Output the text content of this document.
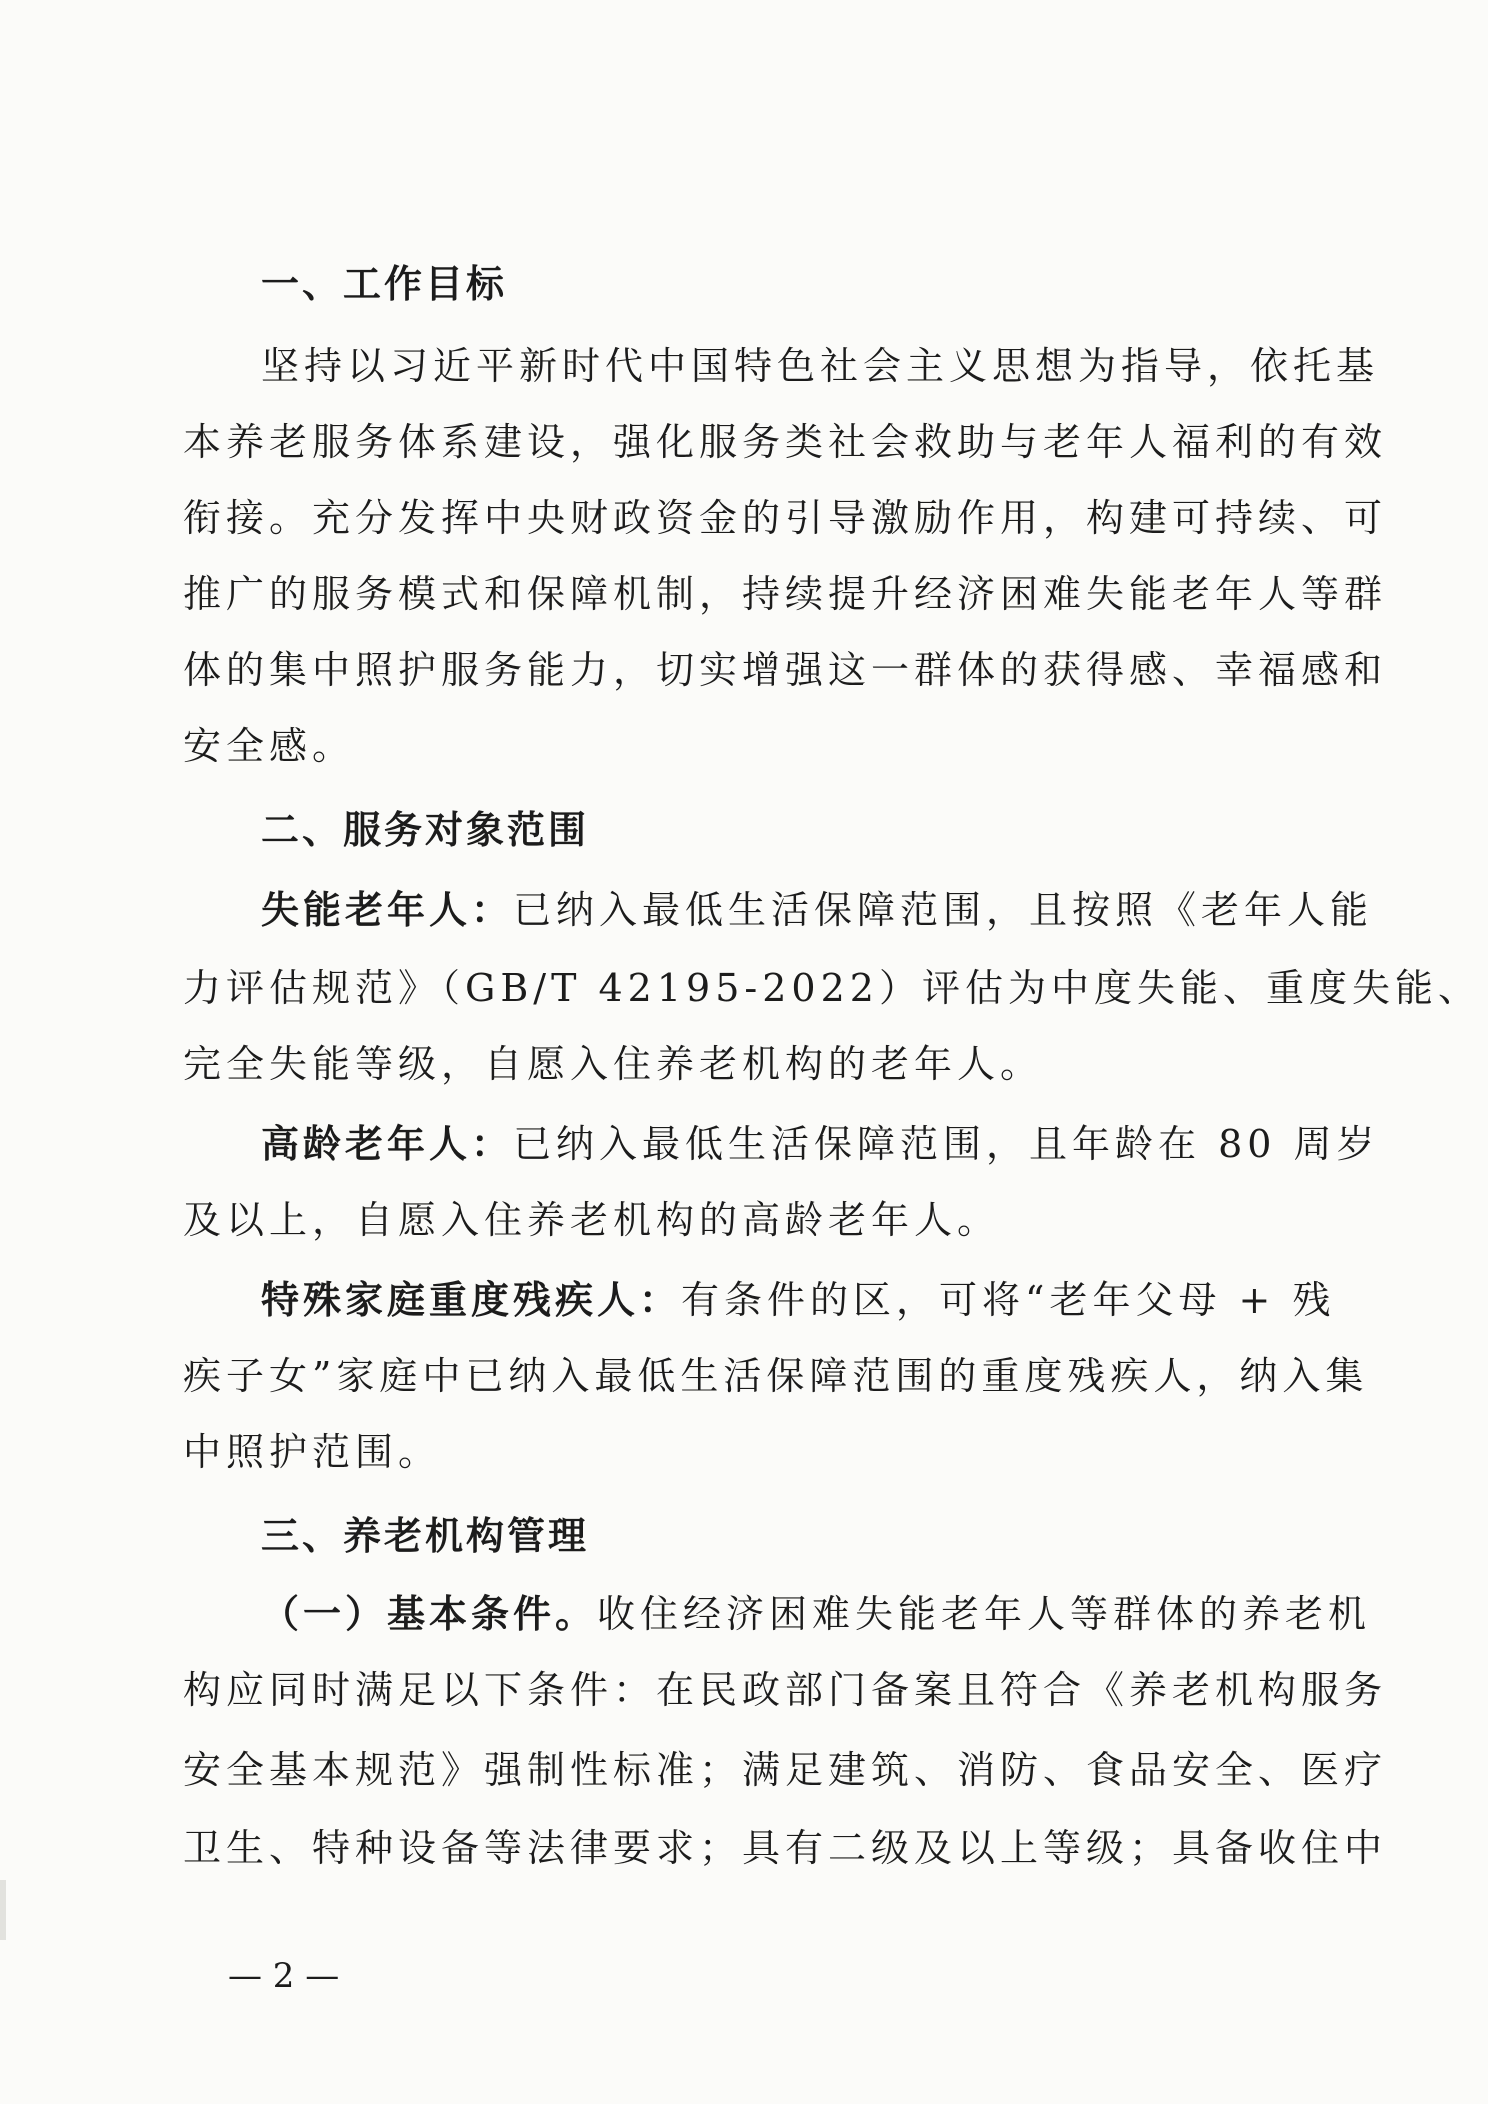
一、工作目标
坚持以习近平新时代中国特色社会主义思想为指导，依托基
本养老服务体系建设，强化服务类社会救助与老年人福利的有效
衔接。充分发挥中央财政资金的引导激励作用，构建可持续、可
推广的服务模式和保障机制，持续提升经济困难失能老年人等群
体的集中照护服务能力，切实增强这一群体的获得感、幸福感和
安全感。
二、服务对象范围
失能老年人：已纳入最低生活保障范围，且按照《老年人能
力评估规范》（GB/T 42195-2022）评估为中度失能、重度失能、
完全失能等级，自愿入住养老机构的老年人。
高龄老年人：已纳入最低生活保障范围，且年龄在 80 周岁
及以上，自愿入住养老机构的高龄老年人。
特殊家庭重度残疾人：有条件的区，可将“老年父母 + 残
疾子女”家庭中已纳入最低生活保障范围的重度残疾人，纳入集
中照护范围。
三、养老机构管理
（一）基本条件。收住经济困难失能老年人等群体的养老机
构应同时满足以下条件：在民政部门备案且符合《养老机构服务
安全基本规范》强制性标准；满足建筑、消防、食品安全、医疗
卫生、特种设备等法律要求；具有二级及以上等级；具备收住中
— 2 —
